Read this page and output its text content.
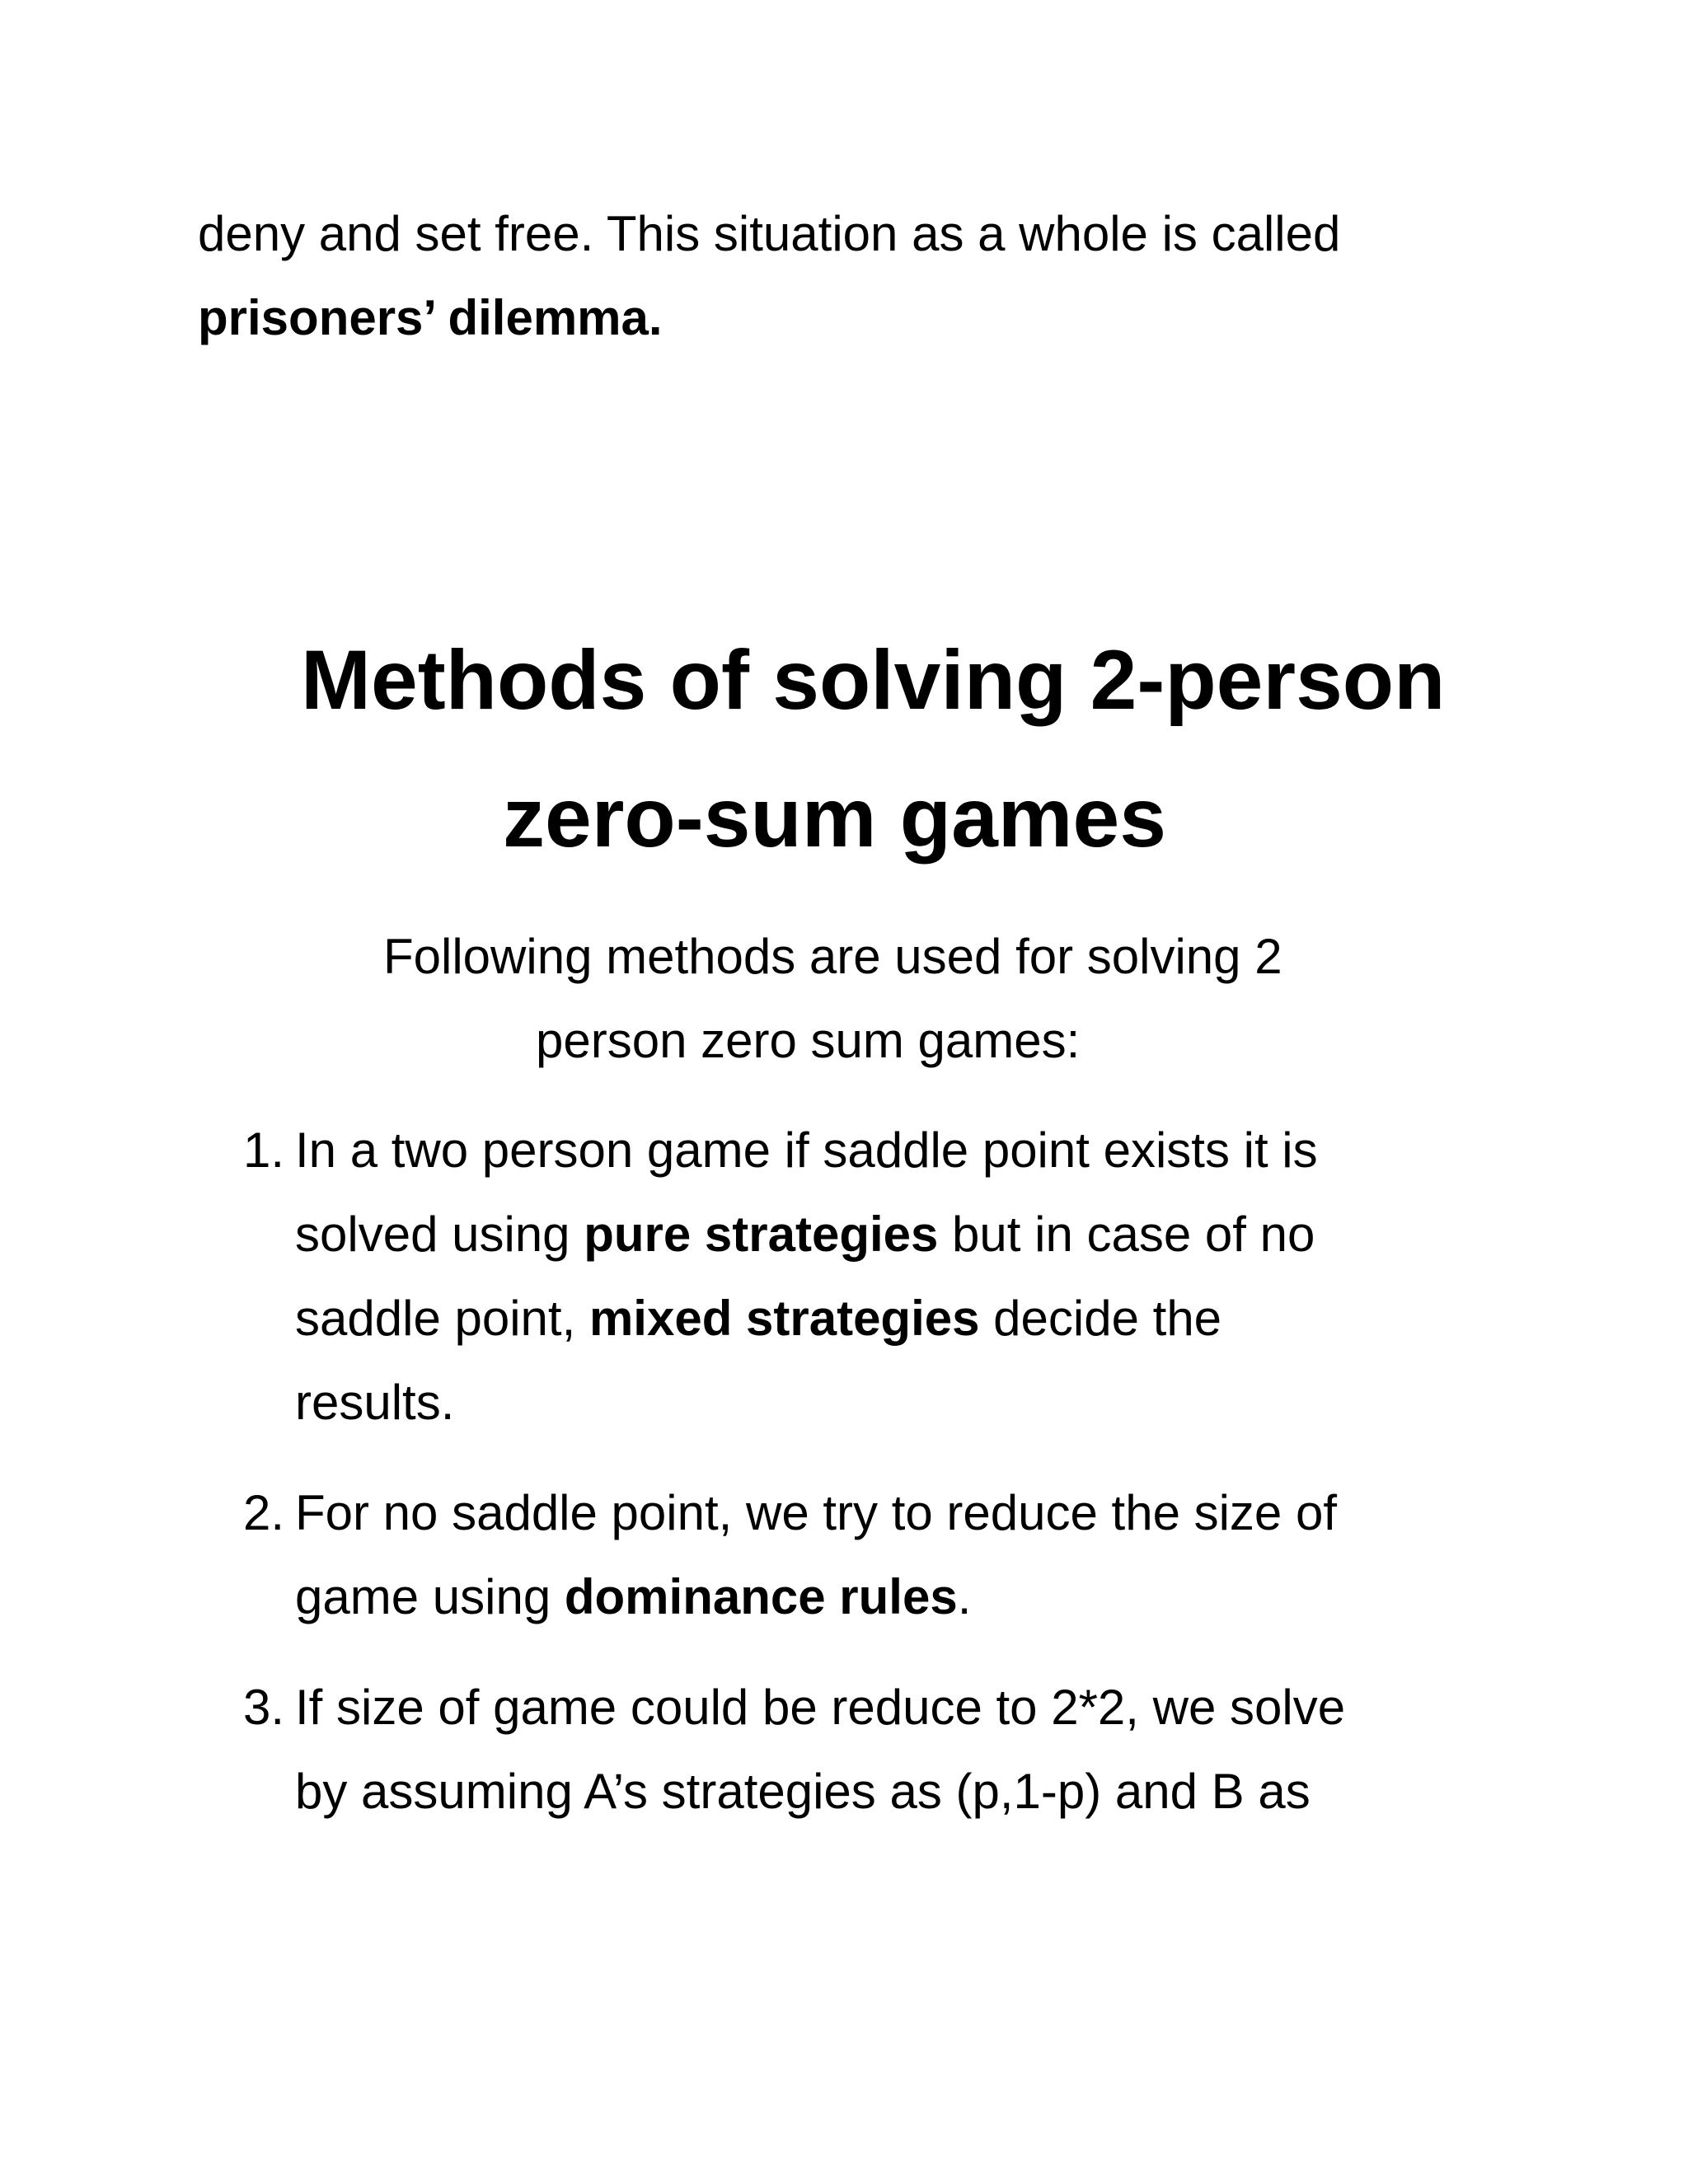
deny and set free. This situation as a whole is called
prisoners’ dilemma.
Methods of solving 2-person
zero-sum games
Following methods are used for solving 2
person zero sum games:
1. In a two person game if saddle point exists it is
solved using pure strategies but in case of no
saddle point, mixed strategies decide the
results.
2. For no saddle point, we try to reduce the size of
game using dominance rules.
3. If size of game could be reduce to 2*2, we solve
by assuming A’s strategies as (p,1-p) and B as
